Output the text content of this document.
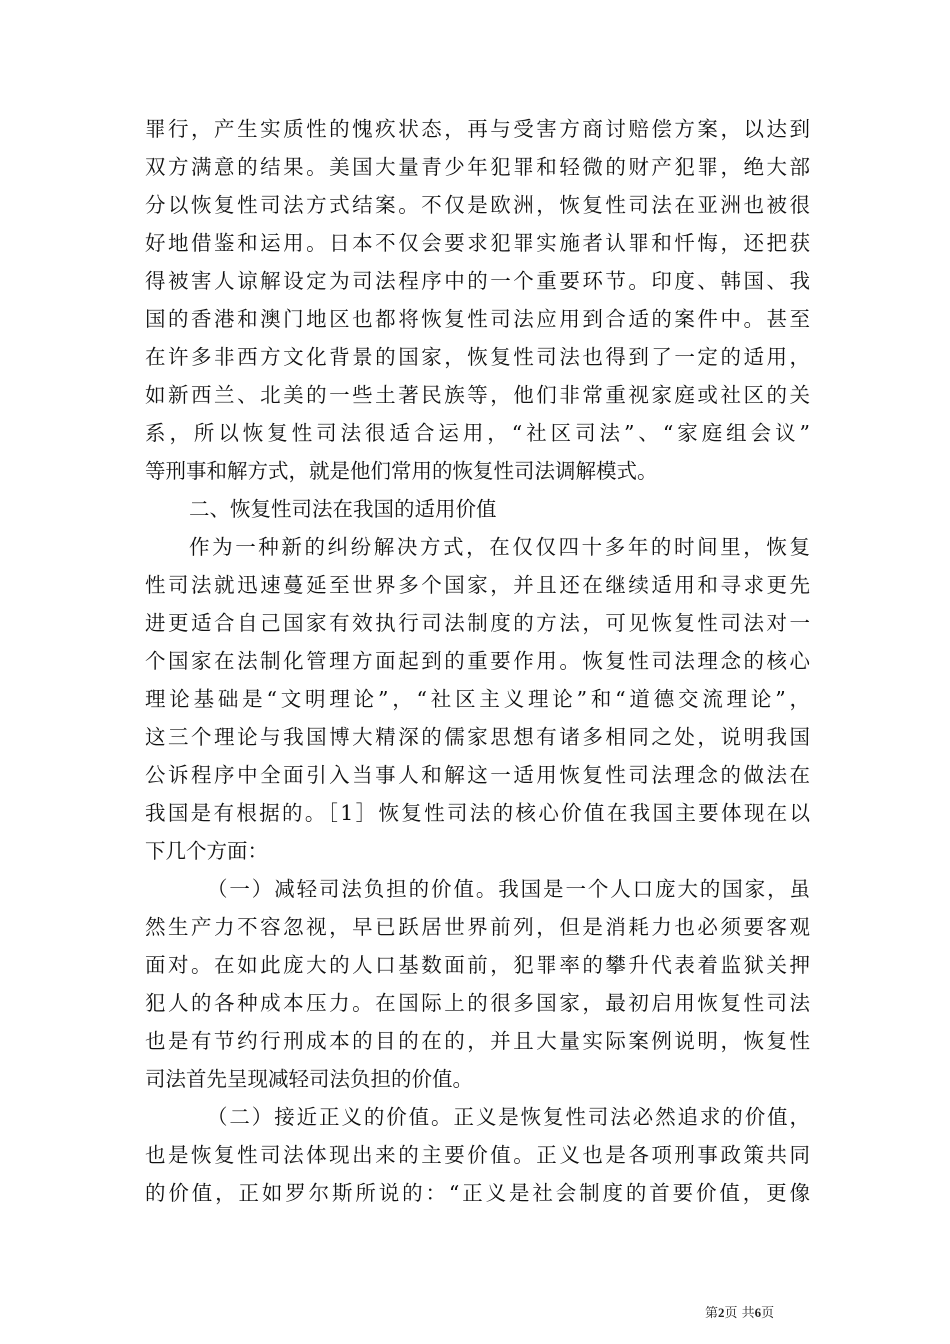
罪行，产生实质性的愧疚状态，再与受害方商讨赔偿方案，以达到
双方满意的结果。美国大量青少年犯罪和轻微的财产犯罪，绝大部
分以恢复性司法方式结案。不仅是欧洲，恢复性司法在亚洲也被很
好地借鉴和运用。日本不仅会要求犯罪实施者认罪和忏悔，还把获
得被害人谅解设定为司法程序中的一个重要环节。印度、韩国、我
国的香港和澳门地区也都将恢复性司法应用到合适的案件中。甚至
在许多非西方文化背景的国家，恢复性司法也得到了一定的适用，
如新西兰、北美的一些土著民族等，他们非常重视家庭或社区的关
系，所以恢复性司法很适合运用，“社区司法”、“家庭组会议”
等刑事和解方式，就是他们常用的恢复性司法调解模式。
二、恢复性司法在我国的适用价值
作为一种新的纠纷解决方式，在仅仅四十多年的时间里，恢复
性司法就迅速蔓延至世界多个国家，并且还在继续适用和寻求更先
进更适合自己国家有效执行司法制度的方法，可见恢复性司法对一
个国家在法制化管理方面起到的重要作用。恢复性司法理念的核心
理论基础是“文明理论”，“社区主义理论”和“道德交流理论”，
这三个理论与我国博大精深的儒家思想有诸多相同之处，说明我国
公诉程序中全面引入当事人和解这一适用恢复性司法理念的做法在
我国是有根据的。［1］恢复性司法的核心价值在我国主要体现在以
下几个方面：
（一）减轻司法负担的价值。我国是一个人口庞大的国家，虽
然生产力不容忽视，早已跃居世界前列，但是消耗力也必须要客观
面对。在如此庞大的人口基数面前，犯罪率的攀升代表着监狱关押
犯人的各种成本压力。在国际上的很多国家，最初启用恢复性司法
也是有节约行刑成本的目的在的，并且大量实际案例说明，恢复性
司法首先呈现减轻司法负担的价值。
（二）接近正义的价值。正义是恢复性司法必然追求的价值，
也是恢复性司法体现出来的主要价值。正义也是各项刑事政策共同
的价值，正如罗尔斯所说的：“正义是社会制度的首要价值，更像
第2页 共6页
